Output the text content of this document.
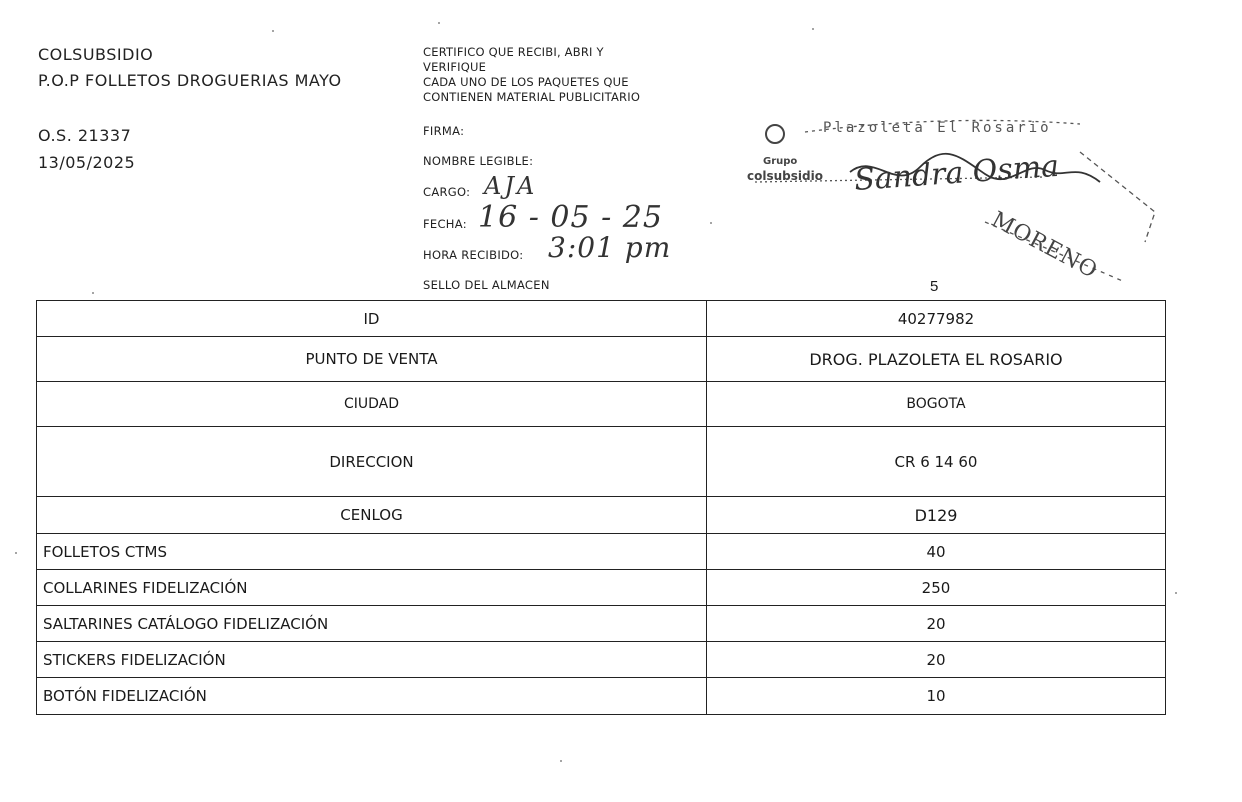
COLSUBSIDIO
P.O.P FOLLETOS DROGUERIAS MAYO
O.S. 21337
13/05/2025
CERTIFICO QUE RECIBI, ABRI Y
VERIFIQUE
CADA UNO DE LOS PAQUETES QUE
CONTIENEN MATERIAL PUBLICITARIO
FIRMA:
NOMBRE LEGIBLE:
CARGO: AJA
FECHA: 16 - 05 - 25
HORA RECIBIDO: 3:01 pm
SELLO DEL ALMACEN	5
Plazoleta El Rosario
Grupo
colsubsidio Sandra Osma
MORENO
ID	40277982
PUNTO DE VENTA	DROG. PLAZOLETA EL ROSARIO
CIUDAD	BOGOTA
DIRECCION	CR 6 14 60
CENLOG	D129
FOLLETOS CTMS	40
COLLARINES FIDELIZACIÓN	250
SALTARINES CATÁLOGO FIDELIZACIÓN	20
STICKERS FIDELIZACIÓN	20
BOTÓN FIDELIZACIÓN	10
